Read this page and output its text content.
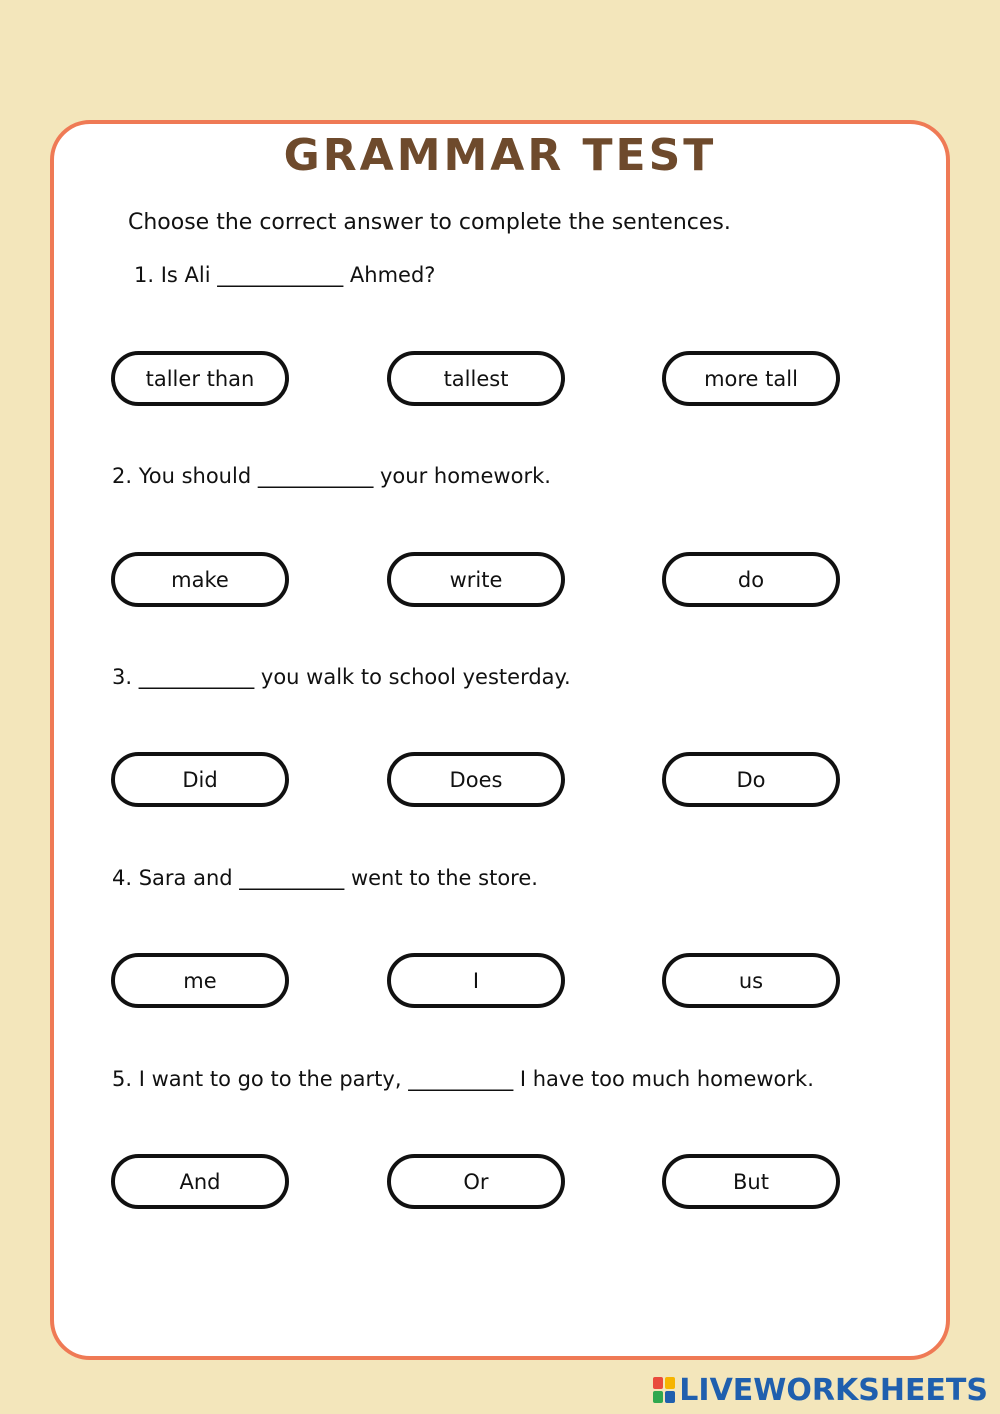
GRAMMAR TEST
Choose the correct answer to complete the sentences.
1. Is Ali ____________ Ahmed?
taller than	tallest	more tall
2. You should ___________ your homework.
make	write	do
3. ___________ you walk to school yesterday.
Did	Does	Do
4. Sara and __________ went to the store.
me	I	us
5. I want to go to the party, __________ I have too much homework.
And	Or	But
LIVEWORKSHEETS
